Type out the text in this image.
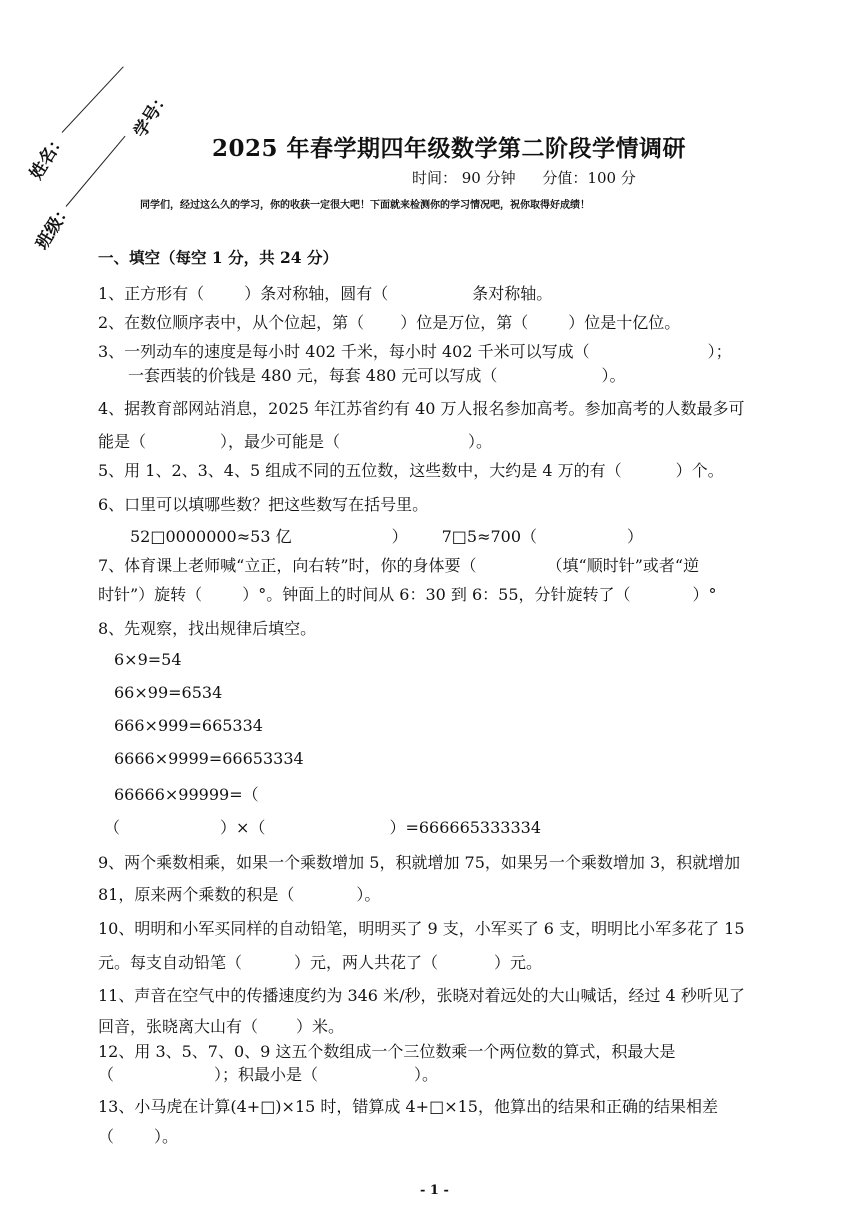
姓名：
学号：
班级：
2025 年春学期四年级数学第二阶段学情调研
时间： 90 分钟 分值：100 分
同学们，经过这么久的学习，你的收获一定很大吧！下面就来检测你的学习情况吧，祝你取得好成绩！
一、填空（每空 1 分，共 24 分）
1、正方形有（	）条对称轴，圆有（	条对称轴。
2、在数位顺序表中，从个位起，第（ ）位是万位，第（	）位是十亿位。
3、一列动车的速度是每小时 402 千米，每小时 402 千米可以写成（	）；
一套西装的价钱是 480 元，每套 480 元可以写成（	）。
4、据教育部网站消息，2025 年江苏省约有 40 万人报名参加高考。参加高考的人数最多可
能是（	），最少可能是（	）。
5、用 1、2、3、4、5 组成不同的五位数，这些数中，大约是 4 万的有（	）个。
6、口里可以填哪些数？把这些数写在括号里。
52□0000000≈53 亿	） 7□5≈700（	）
7、体育课上老师喊“立正，向右转”时，你的身体要（	（填“顺时针”或者“逆
时针”）旋转（	）°。钟面上的时间从 6：30 到 6：55，分针旋转了（	）°
8、先观察，找出规律后填空。
6×9=54
66×99=6534
666×999=665334
6666×9999=66653334
66666×99999=（
（	）×（	）=666665333334
9、两个乘数相乘，如果一个乘数增加 5，积就增加 75，如果另一个乘数增加 3，积就增加
81，原来两个乘数的积是（	）。
10、明明和小军买同样的自动铅笔，明明买了 9 支，小军买了 6 支，明明比小军多花了 15
元。每支自动铅笔（	）元，两人共花了（	）元。
11、声音在空气中的传播速度约为 346 米/秒，张晓对着远处的大山喊话，经过 4 秒听见了
回音，张晓离大山有（ ）米。
12、用 3、5、7、0、9 这五个数组成一个三位数乘一个两位数的算式，积最大是
（	）；积最小是（	）。
13、小马虎在计算(4+□)×15 时，错算成 4+□×15，他算出的结果和正确的结果相差
（	）。
- 1 -
